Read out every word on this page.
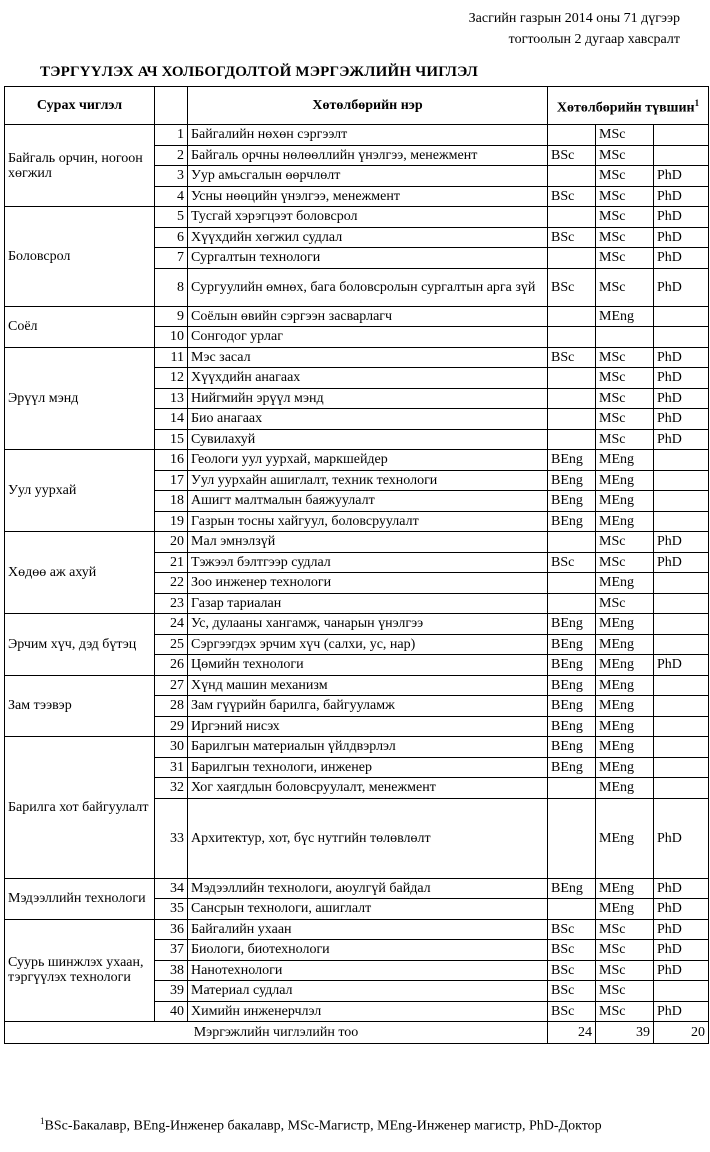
Засгийн газрын 2014 оны 71 дүгээр
тогтоолын 2 дугаар хавсралт
ТЭРГҮҮЛЭХ АЧ ХОЛБОГДОЛТОЙ МЭРГЭЖЛИЙН ЧИГЛЭЛ
Сурах чиглэл		Хөтөлбөрийн нэр	Хөтөлбөрийн түвшин$^1$
Байгаль орчин, ногоон хөгжил	1	Байгалийн нөхөн сэргээлт		MSc	
	2	Байгаль орчны нөлөөллийн үнэлгээ, менежмент	BSc	MSc	
	3	Уур амьсгалын өөрчлөлт		MSc	PhD
	4	Усны нөөцийн үнэлгээ, менежмент	BSc	MSc	PhD
Боловсрол	5	Тусгай хэрэгцээт боловсрол		MSc	PhD
	6	Хүүхдийн хөгжил судлал	BSc	MSc	PhD
	7	Сургалтын технологи		MSc	PhD
	8	Сургуулийн өмнөх, бага боловсролын сургалтын арга зүй	BSc	MSc	PhD
Соёл	9	Соёлын өвийн сэргээн засварлагч		MEng	
	10	Сонгодог урлаг			
Эрүүл мэнд	11	Мэс засал	BSc	MSc	PhD
	12	Хүүхдийн анагаах		MSc	PhD
	13	Нийгмийн эрүүл мэнд		MSc	PhD
	14	Био анагаах		MSc	PhD
	15	Сувилахуй		MSc	PhD
Уул уурхай	16	Геологи уул уурхай, маркшейдер	BEng	MEng	
	17	Уул уурхайн ашиглалт, техник технологи	BEng	MEng	
	18	Ашигт малтмалын баяжуулалт	BEng	MEng	
	19	Газрын тосны хайгуул, боловсруулалт	BEng	MEng	
Хөдөө аж ахуй	20	Мал эмнэлзүй		MSc	PhD
	21	Тэжээл бэлтгээр судлал	BSc	MSc	PhD
	22	Зоо инженер технологи		MEng	
	23	Газар тариалан		MSc	
Эрчим хүч, дэд бүтэц	24	Ус, дулааны хангамж, чанарын үнэлгээ	BEng	MEng	
	25	Сэргээгдэх эрчим хүч (салхи, ус, нар)	BEng	MEng	
	26	Цөмийн технологи	BEng	MEng	PhD
Зам тээвэр	27	Хүнд машин механизм	BEng	MEng	
	28	Зам гүүрийн барилга, байгууламж	BEng	MEng	
	29	Иргэний нисэх	BEng	MEng	
Барилга хот байгуулалт	30	Барилгын материалын үйлдвэрлэл	BEng	MEng	
	31	Барилгын технологи, инженер	BEng	MEng	
	32	Хог хаягдлын боловсруулалт, менежмент		MEng	
	33	Архитектур, хот, бүс нутгийн төлөвлөлт		MEng	PhD
Мэдээллийн технологи	34	Мэдээллийн технологи, аюулгүй байдал	BEng	MEng	PhD
	35	Сансрын технологи, ашиглалт		MEng	PhD
Суурь шинжлэх ухаан, тэргүүлэх технологи	36	Байгалийн ухаан	BSc	MSc	PhD
	37	Биологи, биотехнологи	BSc	MSc	PhD
	38	Нанотехнологи	BSc	MSc	PhD
	39	Материал судлал	BSc	MSc	
	40	Химийн инженерчлэл	BSc	MSc	PhD
Мэргэжлийн чиглэлийн тоо			24	39	20
$^1$BSc-Бакалавр, BEng-Инженер бакалавр, MSc-Магистр, MEng-Инженер магистр, PhD-Доктор
